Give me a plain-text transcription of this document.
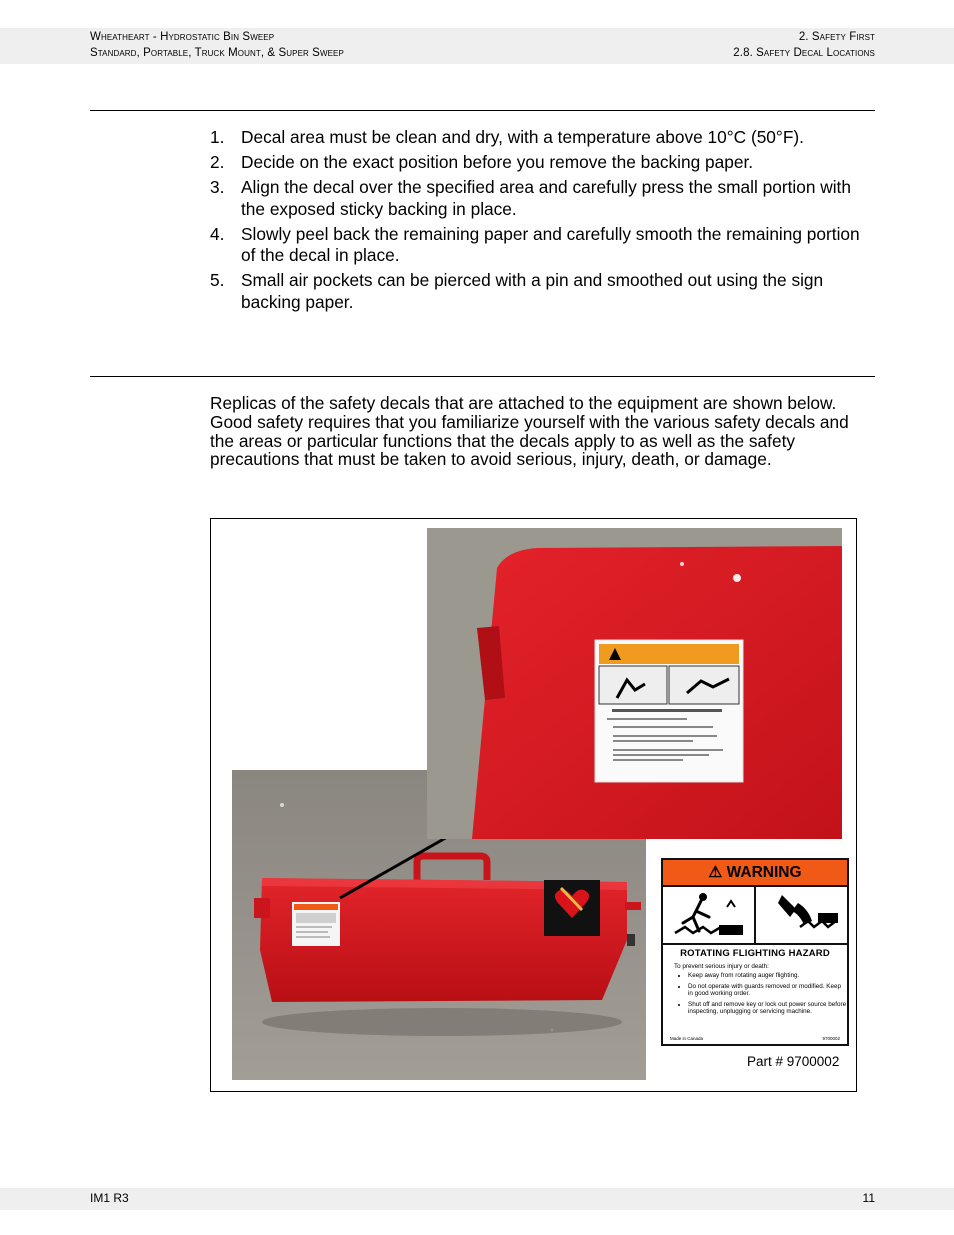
Wheatheart - Hydrostatic Bin Sweep
Standard, Portable, Truck Mount, & Super Sweep
2. Safety First
2.8. Safety Decal Locations
1. Decal area must be clean and dry, with a temperature above 10°C (50°F).
2. Decide on the exact position before you remove the backing paper.
3. Align the decal over the specified area and carefully press the small portion with the exposed sticky backing in place.
4. Slowly peel back the remaining paper and carefully smooth the remaining portion of the decal in place.
5. Small air pockets can be pierced with a pin and smoothed out using the sign backing paper.

Replicas of the safety decals that are attached to the equipment are shown below. Good safety requires that you familiarize yourself with the various safety decals and the areas or particular functions that the decals apply to as well as the safety precautions that must be taken to avoid serious, injury, death, or damage.

⚠ WARNING
ROTATING FLIGHTING HAZARD
To prevent serious injury or death:
• Keep away from rotating auger flighting.
• Do not operate with guards removed or modified. Keep in good working order.
• Shut off and remove key or lock out power source before inspecting, unplugging or servicing machine.
Made in Canada	9700002
Part # 9700002
IM1 R3	11
